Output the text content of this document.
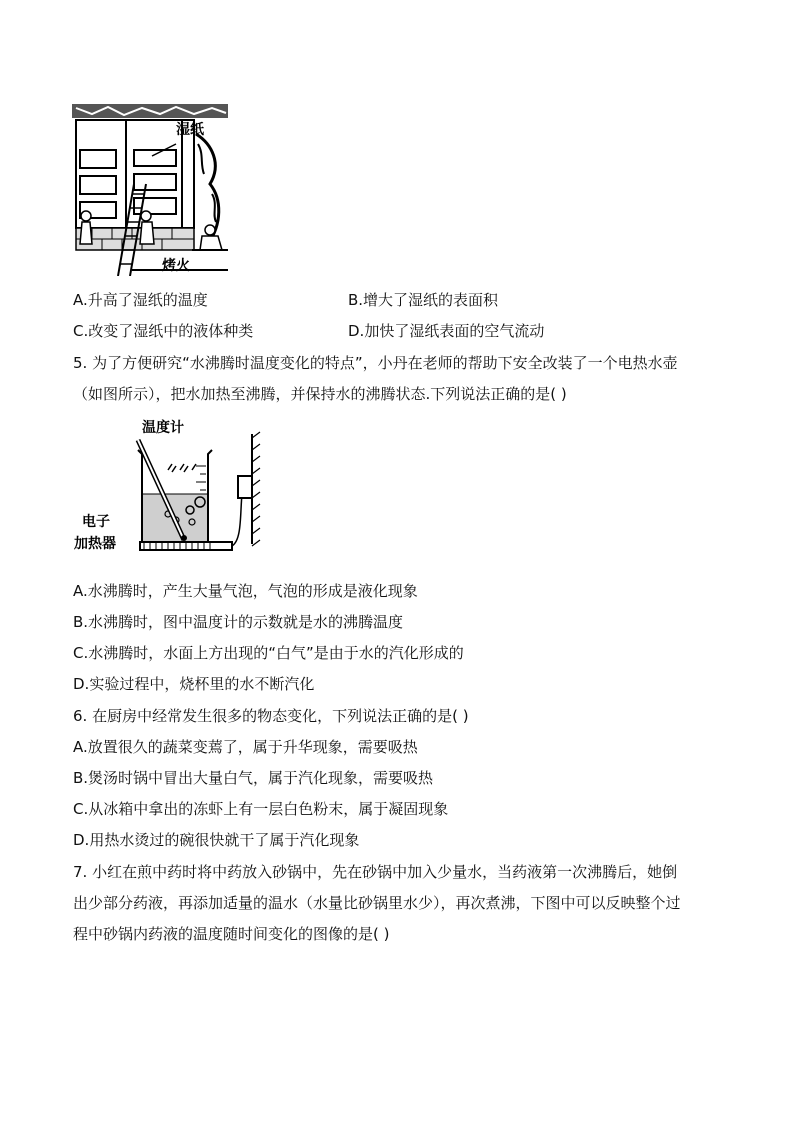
湿纸
烤火
A.升高了湿纸的温度	B.增大了湿纸的表面积
C.改变了湿纸中的液体种类	D.加快了湿纸表面的空气流动
5. 为了方便研究“水沸腾时温度变化的特点”，小丹在老师的帮助下安全改装了一个电热水壶
（如图所示），把水加热至沸腾，并保持水的沸腾状态.下列说法正确的是( )
温度计
电子
加热器
A.水沸腾时，产生大量气泡，气泡的形成是液化现象
B.水沸腾时，图中温度计的示数就是水的沸腾温度
C.水沸腾时，水面上方出现的“白气”是由于水的汽化形成的
D.实验过程中，烧杯里的水不断汽化
6. 在厨房中经常发生很多的物态变化，下列说法正确的是( )
A.放置很久的蔬菜变蔫了，属于升华现象，需要吸热
B.煲汤时锅中冒出大量白气，属于汽化现象，需要吸热
C.从冰箱中拿出的冻虾上有一层白色粉末，属于凝固现象
D.用热水烫过的碗很快就干了属于汽化现象
7. 小红在煎中药时将中药放入砂锅中，先在砂锅中加入少量水，当药液第一次沸腾后，她倒
出少部分药液，再添加适量的温水（水量比砂锅里水少），再次煮沸，下图中可以反映整个过
程中砂锅内药液的温度随时间变化的图像的是( )
